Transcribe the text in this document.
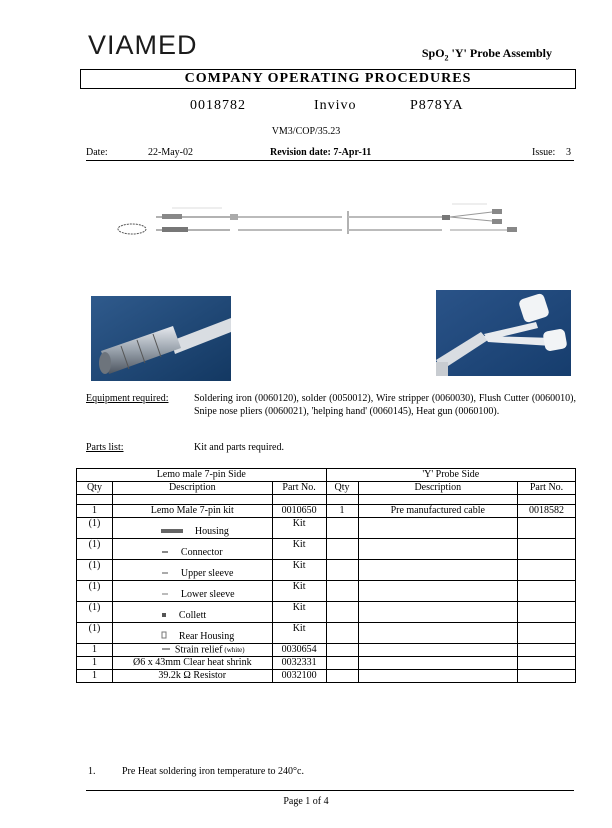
VIAMED	SpO$_2$ 'Y' Probe Assembly
COMPANY OPERATING PROCEDURES
0018782	Invivo	P878YA
VM3/COP/35.23
Date:	22-May-02	Revision date: 7-Apr-11	Issue: 3
Equipment required:	Soldering iron (0060120), solder (0050012), Wire stripper (0060030), Flush Cutter (0060010), Snipe nose pliers (0060021), 'helping hand' (0060145), Heat gun (0060100).
Parts list:	Kit and parts required.
Lemo male 7-pin Side			'Y' Probe Side		
Qty	Description	Part No.	Qty	Description	Part No.

1	Lemo Male 7-pin kit	0010650	1	Pre manufactured cable	0018582
(1)	Housing	Kit			
(1)	Connector	Kit			
(1)	Upper sleeve	Kit			
(1)	Lower sleeve	Kit			
(1)	Collett	Kit			
(1)	Rear Housing	Kit			
1	Strain relief (white)	0030654			
1	Ø6 x 43mm Clear heat shrink	0032331			
1	39.2k Ω Resistor	0032100			
1.	Pre Heat soldering iron temperature to 240°c.
Page 1 of 4
